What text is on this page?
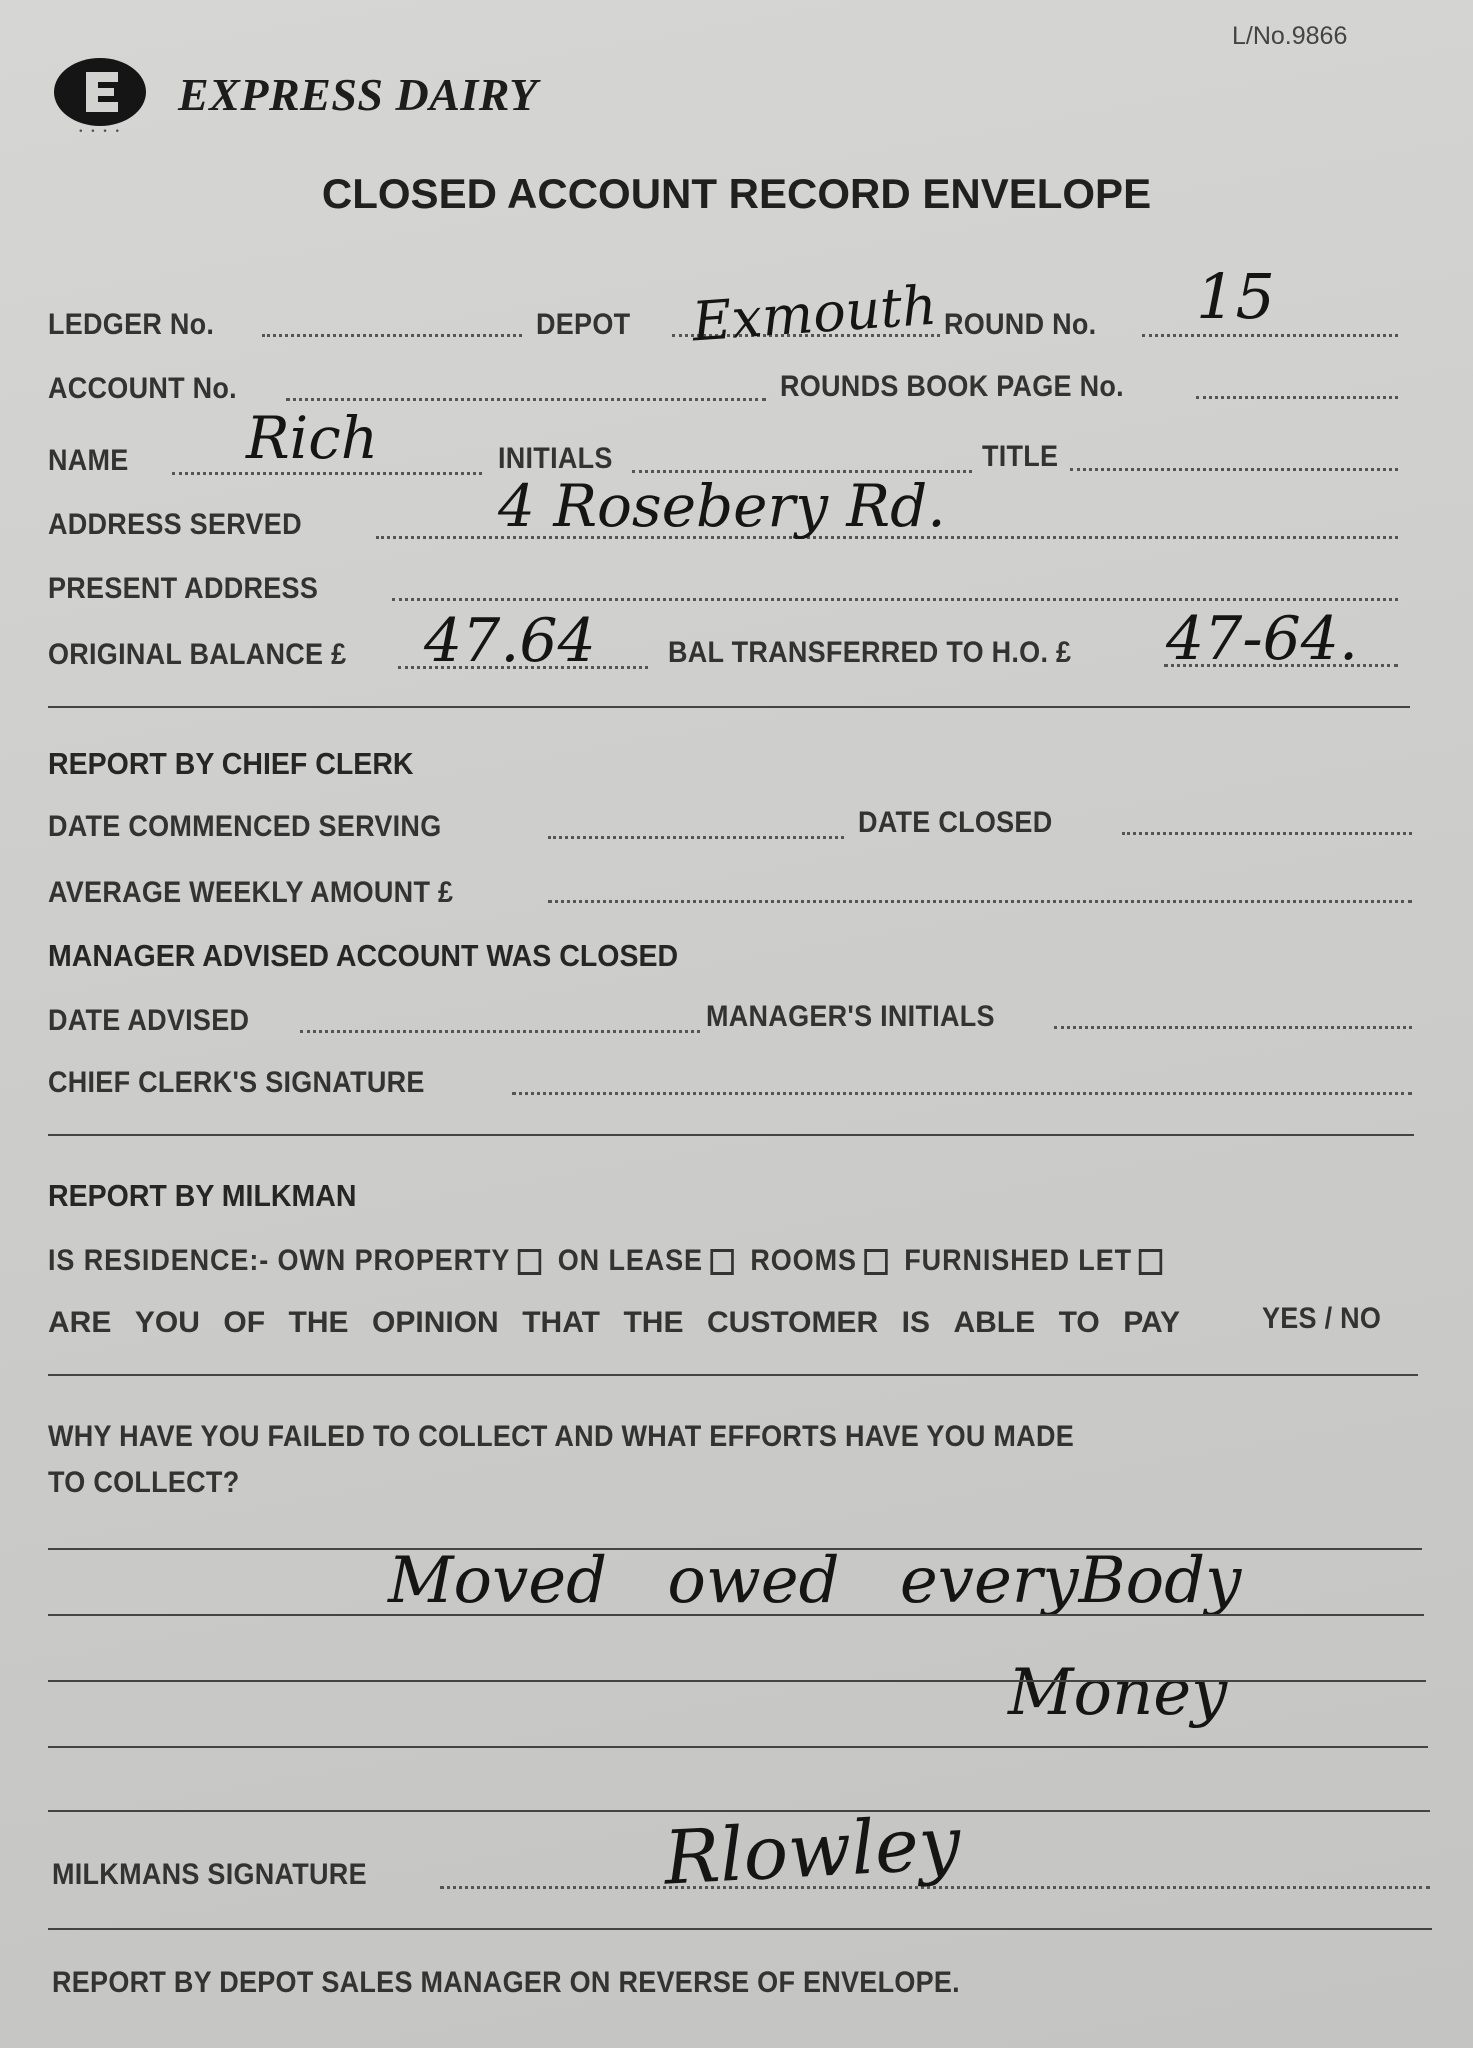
L/No.9866
• • • •
EXPRESS DAIRY
CLOSED ACCOUNT RECORD ENVELOPE
LEDGER No.	DEPOT Exmouth ROUND No. 15
ACCOUNT No.	ROUNDS BOOK PAGE No.
NAME Rich	INITIALS	TITLE
ADDRESS SERVED	4 Rosebery Rd.
PRESENT ADDRESS
ORIGINAL BALANCE £ 47.64 BAL TRANSFERRED TO H.O. £ 47-64.
REPORT BY CHIEF CLERK
DATE COMMENCED SERVING	DATE CLOSED
AVERAGE WEEKLY AMOUNT £
MANAGER ADVISED ACCOUNT WAS CLOSED
DATE ADVISED	MANAGER'S INITIALS
CHIEF CLERK'S SIGNATURE
REPORT BY MILKMAN
IS RESIDENCE:- OWN PROPERTY ON LEASE ROOMS FURNISHED LET
ARE YOU OF THE OPINION THAT THE CUSTOMER IS ABLE TO PAY	YES / NO
WHY HAVE YOU FAILED TO COLLECT AND WHAT EFFORTS HAVE YOU MADE
TO COLLECT?
Moved owed everyBody
Money
MILKMANS SIGNATURE	Rlowley
REPORT BY DEPOT SALES MANAGER ON REVERSE OF ENVELOPE.
